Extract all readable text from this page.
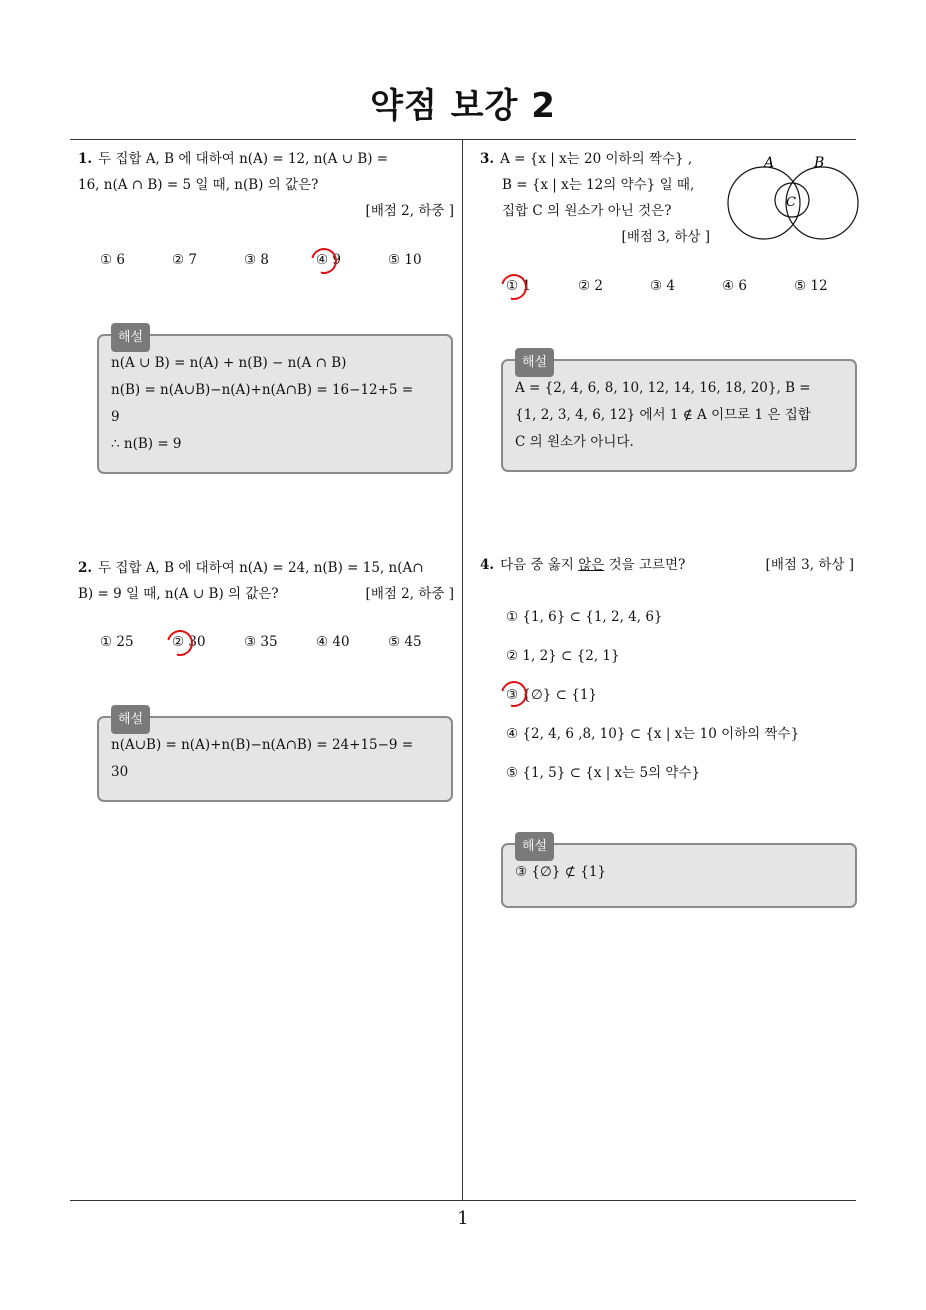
약점 보강 2
1
1. 두 집합 A, B 에 대하여 n(A) = 12, n(A ∪ B) =
16, n(A ∩ B) = 5 일 때, n(B) 의 값은?
[배점 2, 하중 ]
① 6	② 7	③ 8	④ 9	⑤ 10
해설
n(A ∪ B) = n(A) + n(B) − n(A ∩ B)
n(B) = n(A∪B)−n(A)+n(A∩B) = 16−12+5 =
9
∴ n(B) = 9
2. 두 집합 A, B 에 대하여 n(A) = 24, n(B) = 15, n(A∩
B) = 9 일 때, n(A ∪ B) 의 값은?	[배점 2, 하중 ]
① 25	② 30	③ 35	④ 40	⑤ 45
해설
n(A∪B) = n(A)+n(B)−n(A∩B) = 24+15−9 =
30
3. A = {x | x는 20 이하의 짝수} ,
B = {x | x는 12의 약수} 일 때,
집합 C 의 원소가 아닌 것은?
[배점 3, 하상 ]
A	B
C
① 1	② 2	③ 4	④ 6	⑤ 12
해설
A = {2, 4, 6, 8, 10, 12, 14, 16, 18, 20}, B =
{1, 2, 3, 4, 6, 12} 에서 1 ∉ A 이므로 1 은 집합
C 의 원소가 아니다.
4. 다음 중 옳지 않은 것을 고르면?	[배점 3, 하상 ]
① {1, 6} ⊂ {1, 2, 4, 6}
② 1, 2} ⊂ {2, 1}
③ {∅} ⊂ {1}
④ {2, 4, 6 ,8, 10} ⊂ {x | x는 10 이하의 짝수}
⑤ {1, 5} ⊂ {x | x는 5의 약수}
해설
③ {∅} ⊄ {1}
